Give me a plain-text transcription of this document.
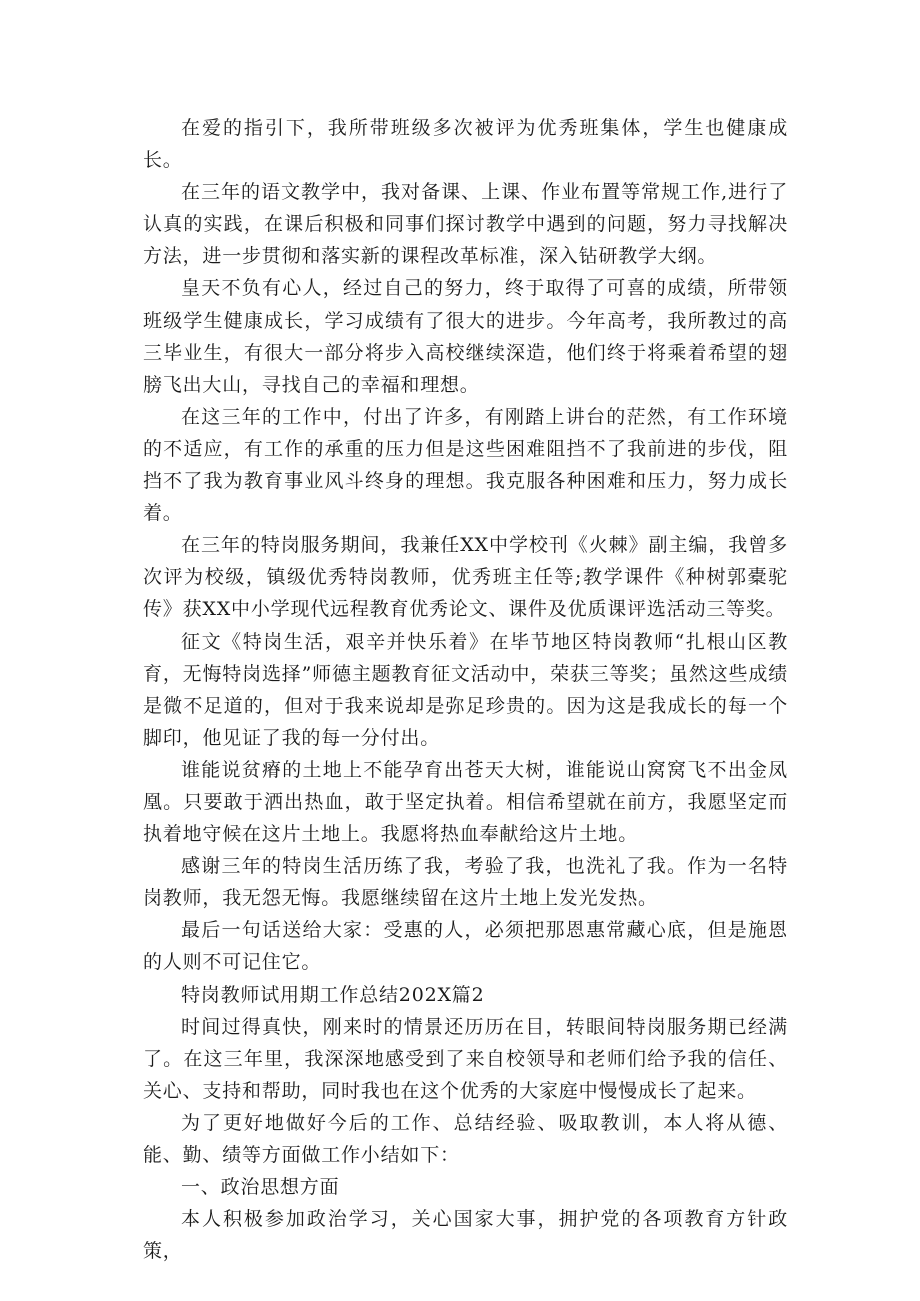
在爱的指引下，我所带班级多次被评为优秀班集体，学生也健康成长。

在三年的语文教学中，我对备课、上课、作业布置等常规工作,进行了认真的实践，在课后积极和同事们探讨教学中遇到的问题，努力寻找解决方法，进一步贯彻和落实新的课程改革标准，深入钻研教学大纲。

皇天不负有心人，经过自己的努力，终于取得了可喜的成绩，所带领班级学生健康成长，学习成绩有了很大的进步。今年高考，我所教过的高三毕业生，有很大一部分将步入高校继续深造，他们终于将乘着希望的翅膀飞出大山，寻找自己的幸福和理想。

在这三年的工作中，付出了许多，有刚踏上讲台的茫然，有工作环境的不适应，有工作的承重的压力但是这些困难阻挡不了我前进的步伐，阻挡不了我为教育事业风斗终身的理想。我克服各种困难和压力，努力成长着。

在三年的特岗服务期间，我兼任XX中学校刊《火棘》副主编，我曾多次评为校级，镇级优秀特岗教师，优秀班主任等;教学课件《种树郭橐驼传》获XX中小学现代远程教育优秀论文、课件及优质课评选活动三等奖。

征文《特岗生活，艰辛并快乐着》在毕节地区特岗教师“扎根山区教育，无悔特岗选择”师德主题教育征文活动中，荣获三等奖；虽然这些成绩是微不足道的，但对于我来说却是弥足珍贵的。因为这是我成长的每一个脚印，他见证了我的每一分付出。

谁能说贫瘠的土地上不能孕育出苍天大树，谁能说山窝窝飞不出金凤凰。只要敢于洒出热血，敢于坚定执着。相信希望就在前方，我愿坚定而执着地守候在这片土地上。我愿将热血奉献给这片土地。

感谢三年的特岗生活历练了我，考验了我，也洗礼了我。作为一名特岗教师，我无怨无悔。我愿继续留在这片土地上发光发热。

最后一句话送给大家：受惠的人，必须把那恩惠常藏心底，但是施恩的人则不可记住它。

特岗教师试用期工作总结202X篇2

时间过得真快，刚来时的情景还历历在目，转眼间特岗服务期已经满了。在这三年里，我深深地感受到了来自校领导和老师们给予我的信任、关心、支持和帮助，同时我也在这个优秀的大家庭中慢慢成长了起来。

为了更好地做好今后的工作、总结经验、吸取教训，本人将从德、能、勤、绩等方面做工作小结如下：

一、政治思想方面

本人积极参加政治学习，关心国家大事，拥护党的各项教育方针政策，
